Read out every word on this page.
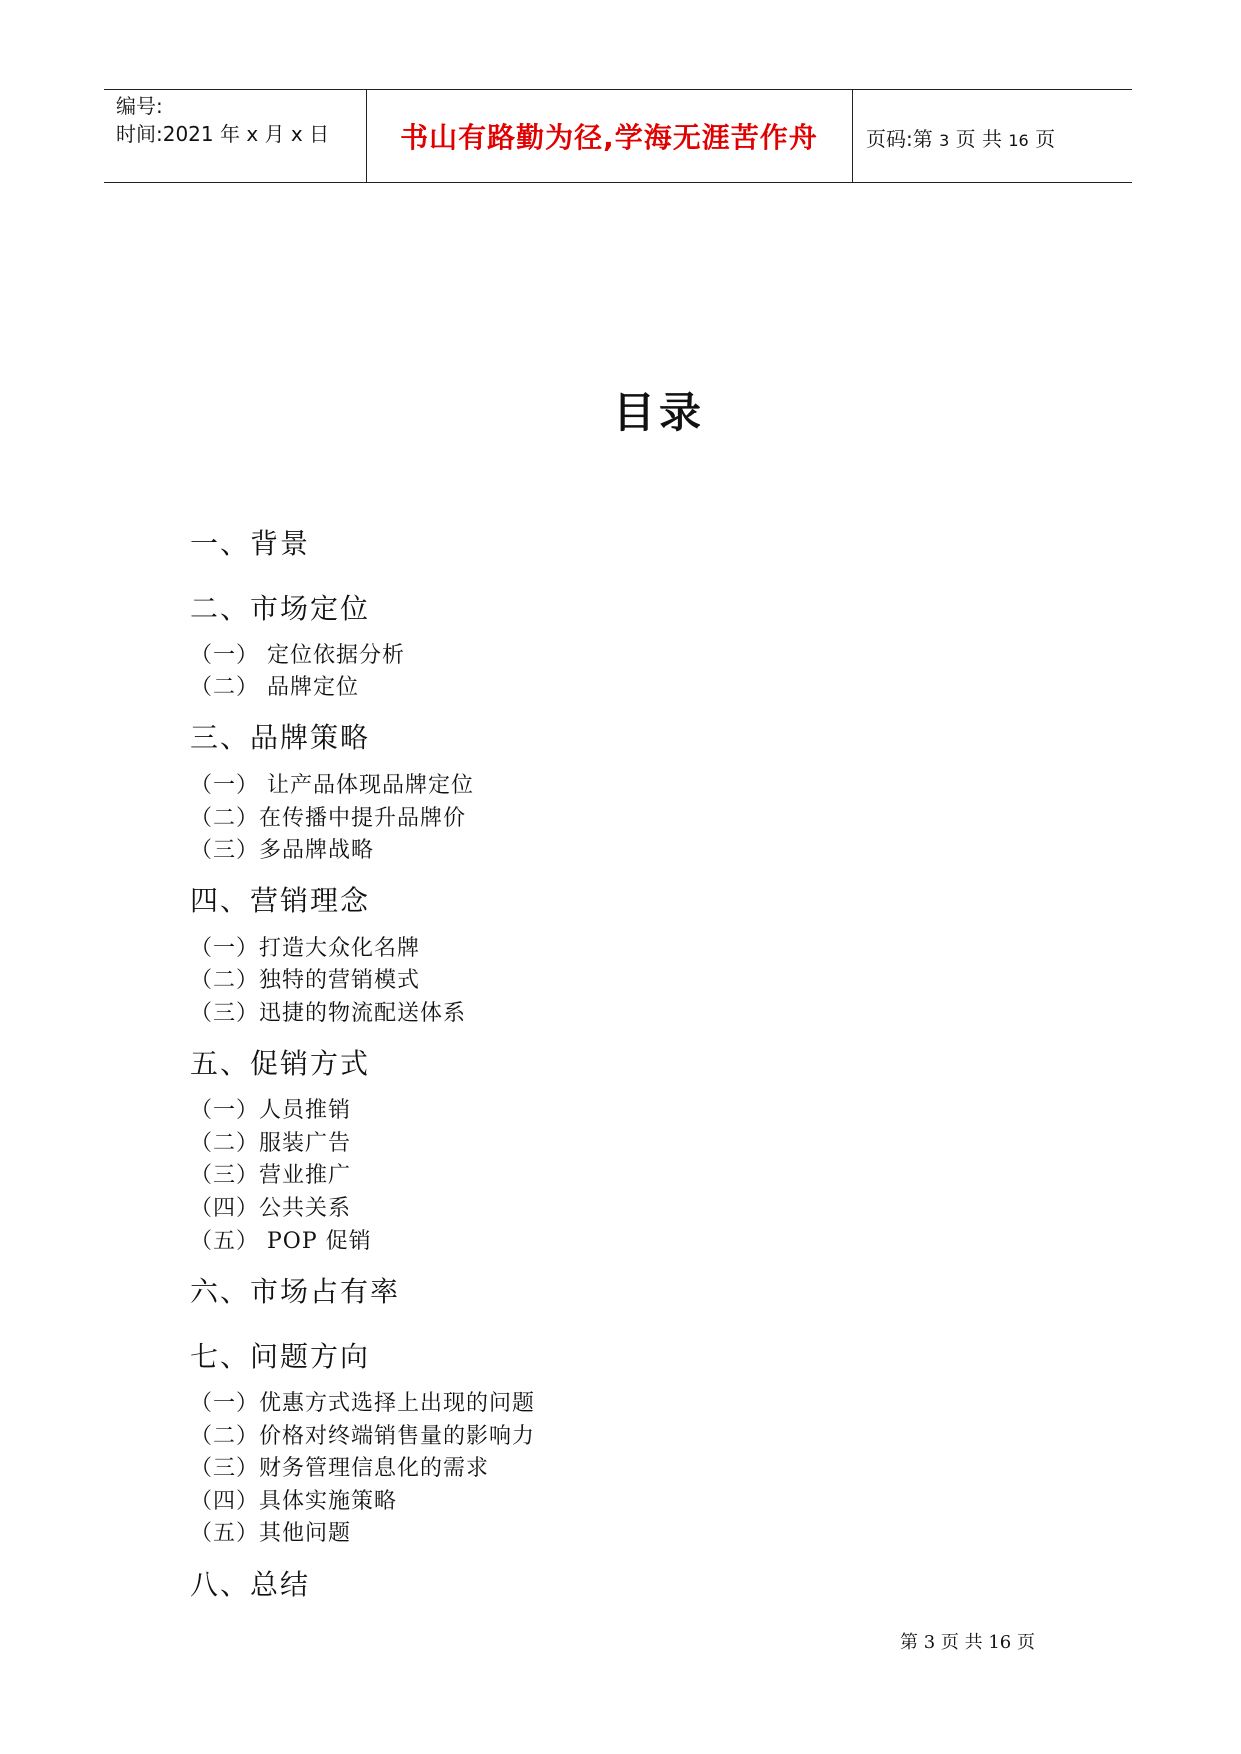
编号:
时间:2021 年 x 月 x 日	书山有路勤为径,学海无涯苦作舟	页码:第 3 页 共 16 页
目录
一、背景
二、市场定位
（一） 定位依据分析
（二） 品牌定位
三、品牌策略
（一） 让产品体现品牌定位
（二）在传播中提升品牌价
（三）多品牌战略
四、营销理念
（一）打造大众化名牌
（二）独特的营销模式
（三）迅捷的物流配送体系
五、促销方式
（一）人员推销
（二）服装广告
（三）营业推广
（四）公共关系
（五） POP 促销
六、市场占有率
七、问题方向
（一）优惠方式选择上出现的问题
（二）价格对终端销售量的影响力
（三）财务管理信息化的需求
（四）具体实施策略
（五）其他问题
八、总结
第 3 页 共 16 页
